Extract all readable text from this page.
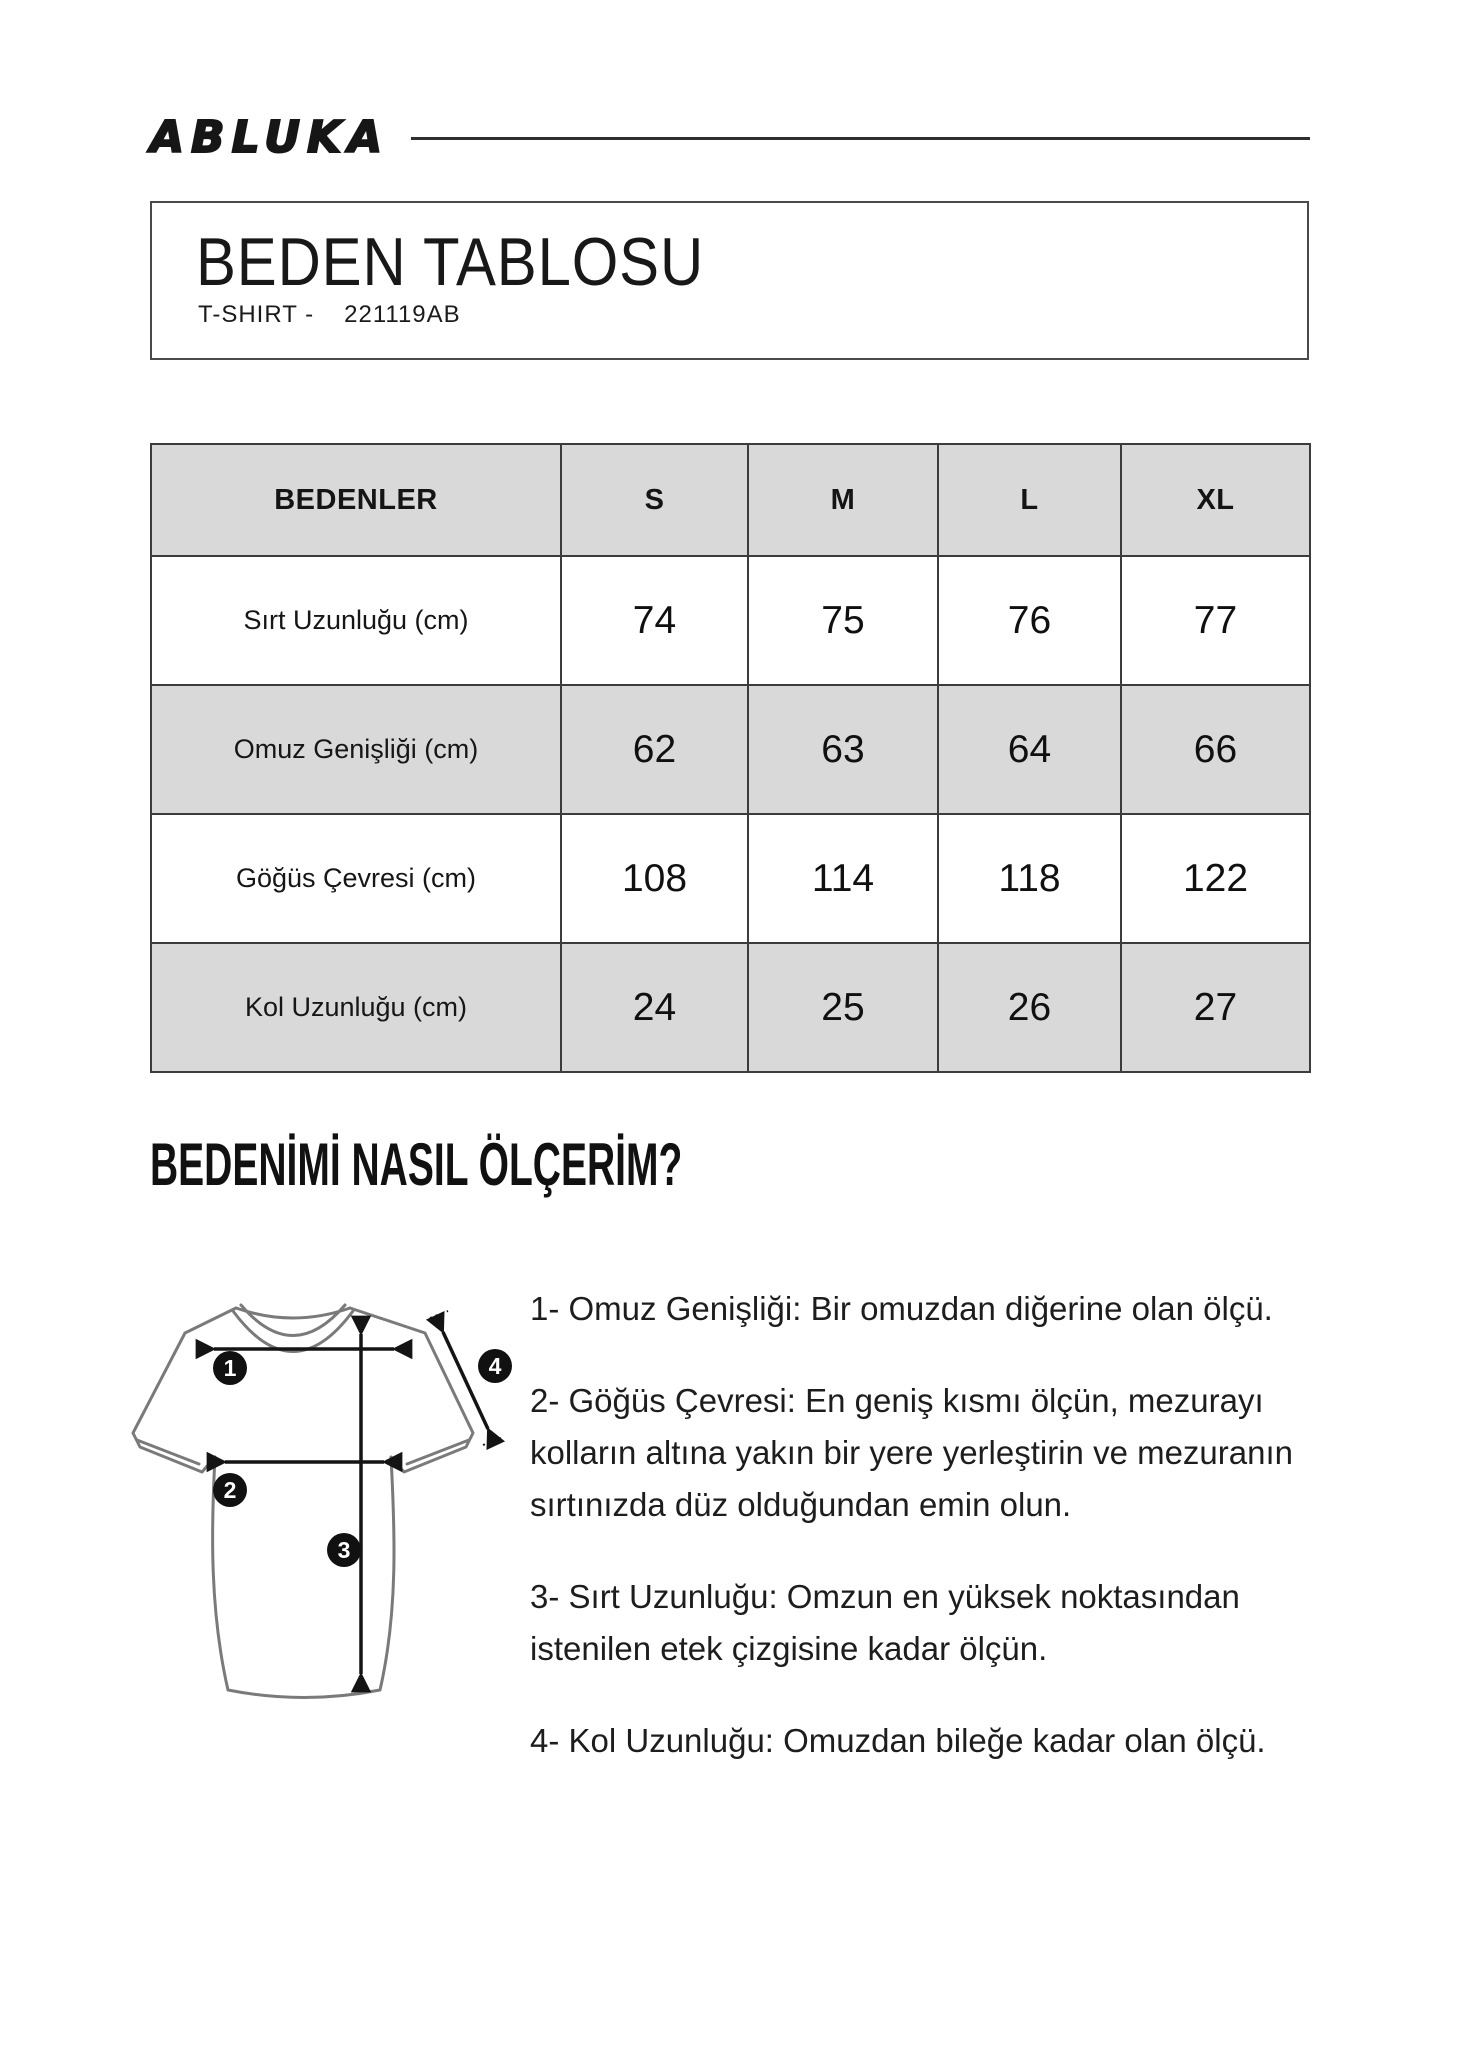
ABLUKA
BEDEN TABLOSU
T-SHIRT - 221119AB
BEDENLER	S	M	L	XL
Sırt Uzunluğu (cm)	74	75	76	77
Omuz Genişliği (cm)	62	63	64	66
Göğüs Çevresi (cm)	108	114	118	122
Kol Uzunluğu (cm)	24	25	26	27
BEDENİMİ NASIL ÖLÇERİM?
1
2
3
4

1- Omuz Genişliği: Bir omuzdan diğerine olan ölçü.

2- Göğüs Çevresi: En geniş kısmı ölçün, mezurayı kolların altına yakın bir yere yerleştirin ve mezuranın sırtınızda düz olduğundan emin olun.

3- Sırt Uzunluğu: Omzun en yüksek noktasından istenilen etek çizgisine kadar ölçün.

4- Kol Uzunluğu: Omuzdan bileğe kadar olan ölçü.
